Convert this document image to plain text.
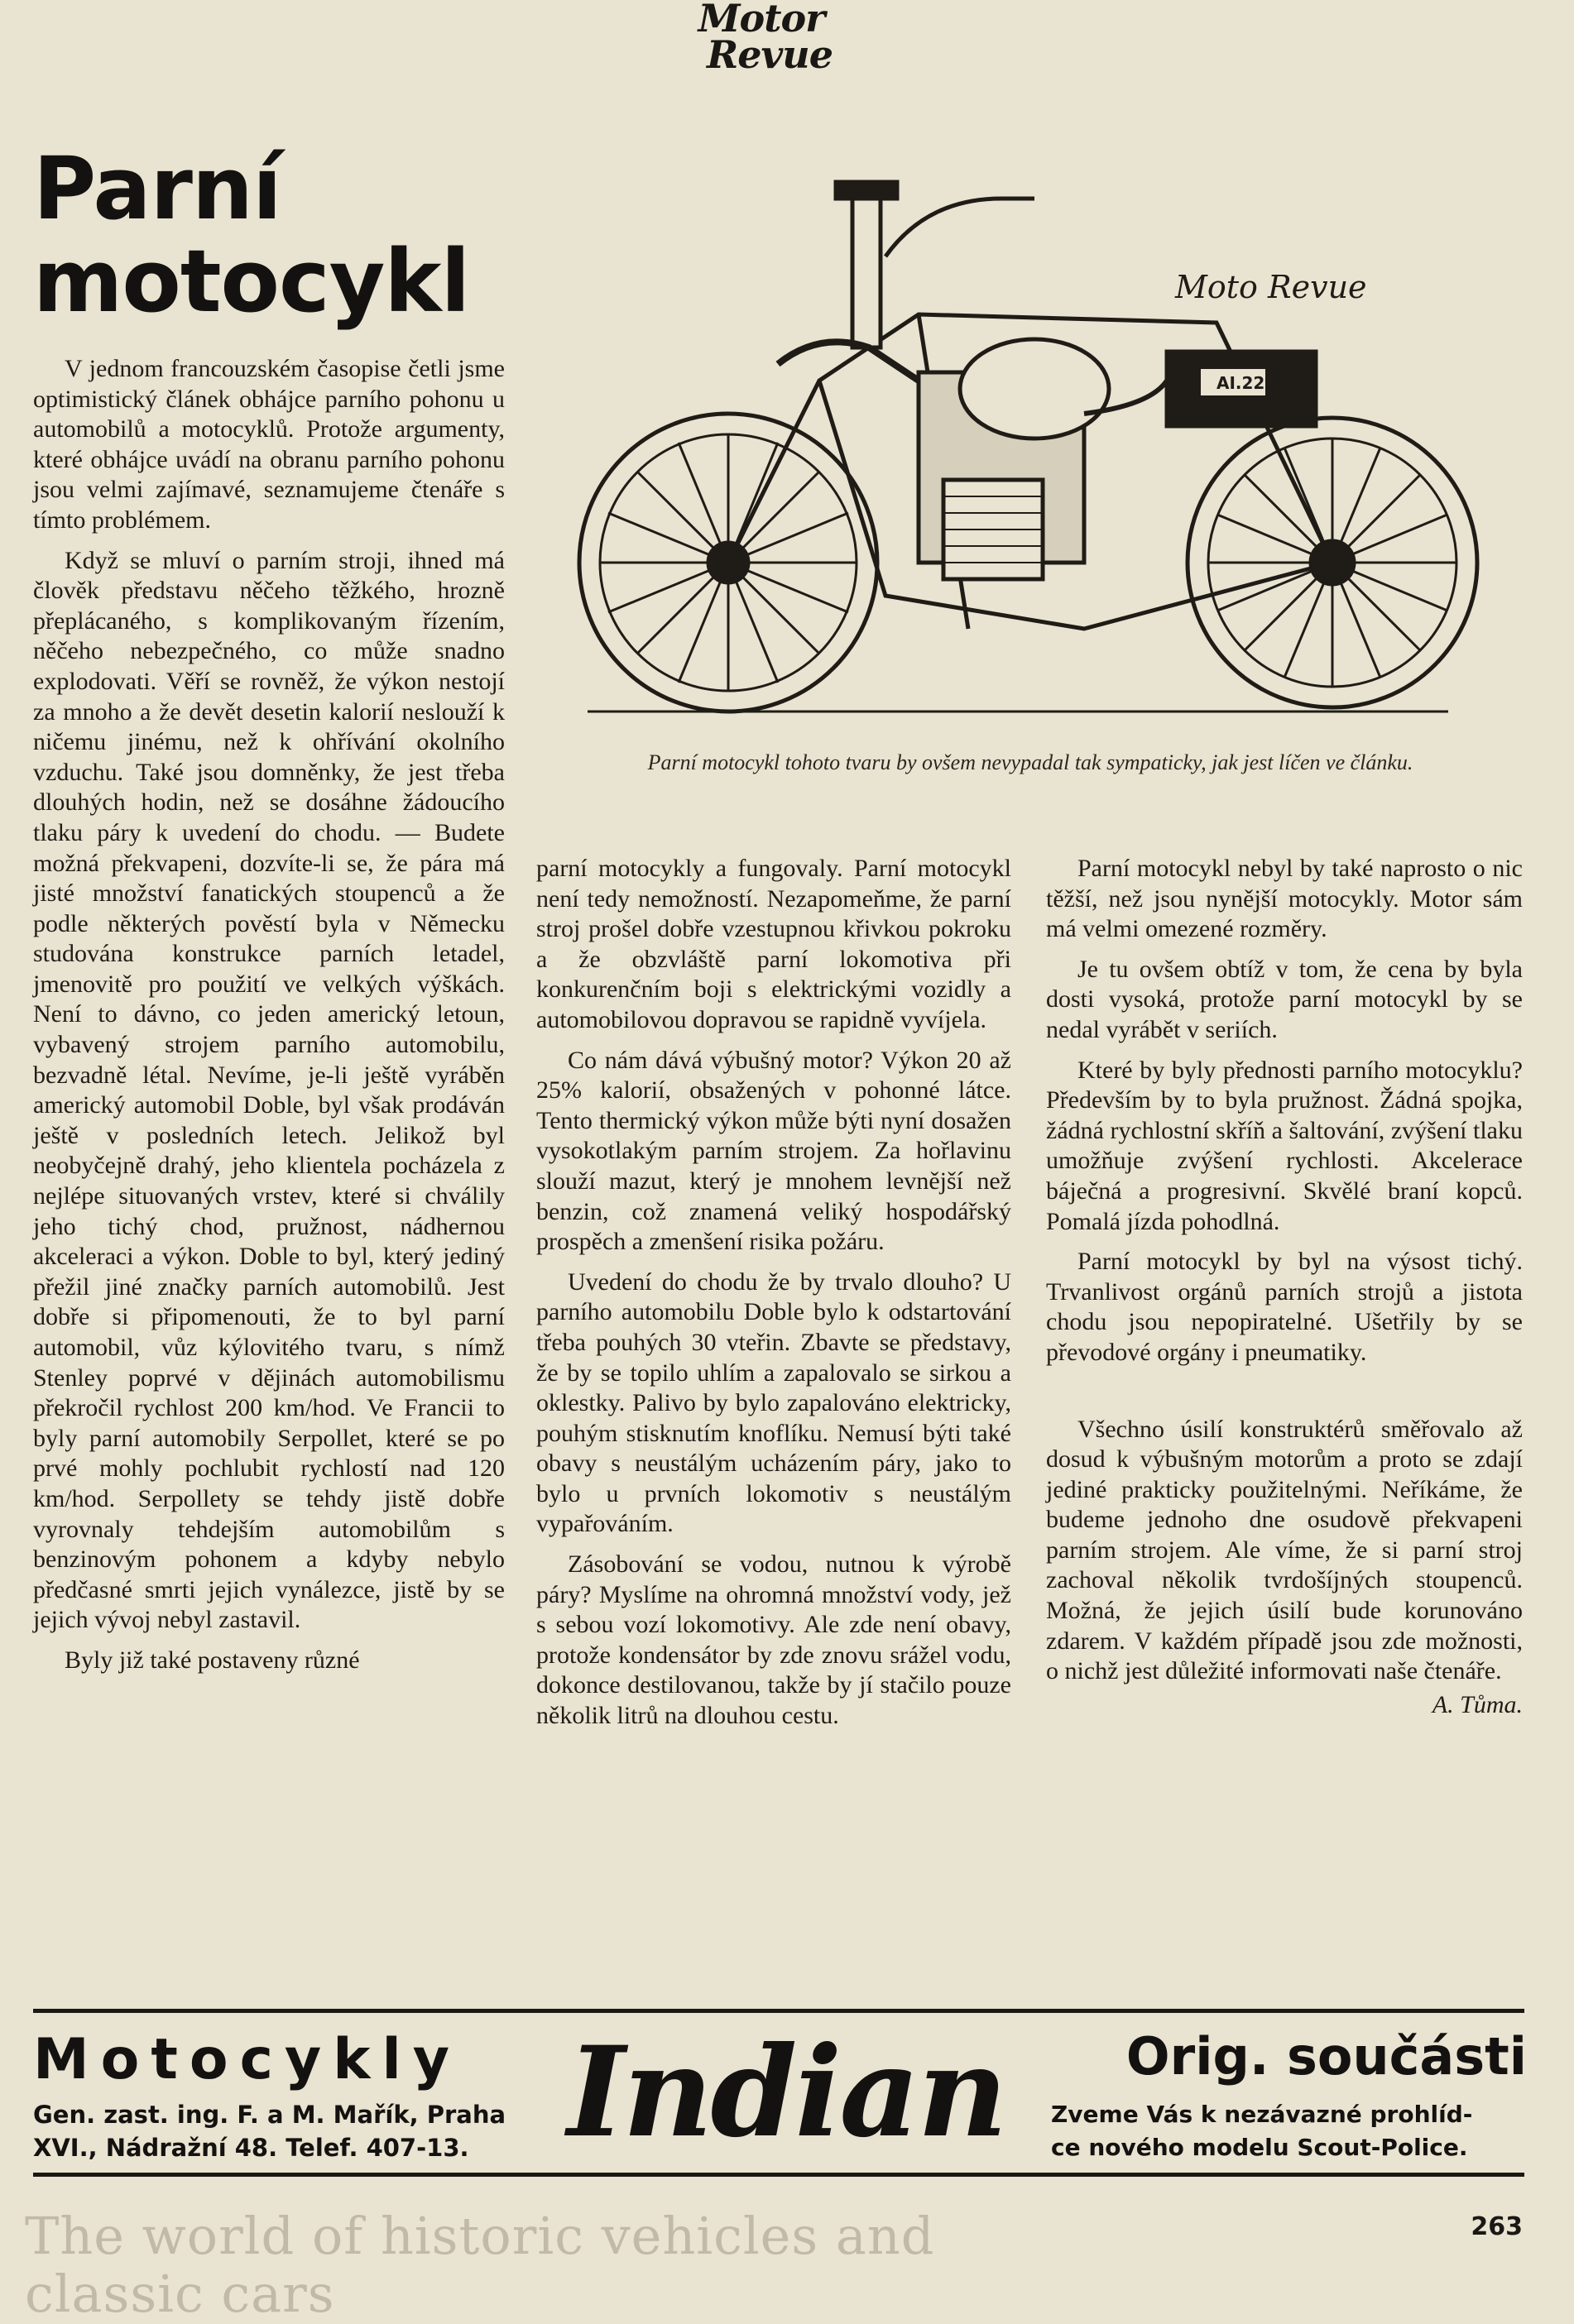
Motor
Revue
Parní
motocykl
AI.22
Moto Revue
Parní motocykl tohoto tvaru by ovšem nevypadal tak sympaticky, jak jest líčen ve článku.

V jednom francouzském časopise četli jsme optimistický článek obhájce parního pohonu u automobilů a motocyklů. Protože argumenty, které obhájce uvádí na obranu parního pohonu jsou velmi zajímavé, seznamujeme čtenáře s tímto problémem.

Když se mluví o parním stroji, ihned má člověk představu něčeho těžkého, hrozně přeplácaného, s komplikovaným řízením, něčeho nebezpečného, co může snadno explodovati. Věří se rovněž, že výkon nestojí za mnoho a že devět desetin kalorií neslouží k ničemu jinému, než k ohřívání okolního vzduchu. Také jsou domněnky, že jest třeba dlouhých hodin, než se dosáhne žádoucího tlaku páry k uvedení do chodu. — Budete možná překvapeni, dozvíte-li se, že pára má jisté množství fanatických stoupenců a že podle některých pověstí byla v Německu studována konstrukce parních letadel, jmenovitě pro použití ve velkých výškách. Není to dávno, co jeden americký letoun, vybavený strojem parního automobilu, bezvadně létal. Nevíme, je-li ještě vyráběn americký automobil Doble, byl však prodáván ještě v posledních letech. Jelikož byl neobyčejně drahý, jeho klientela pocházela z nejlépe situovaných vrstev, které si chválily jeho tichý chod, pružnost, nádhernou akceleraci a výkon. Doble to byl, který jediný přežil jiné značky parních automobilů. Jest dobře si připomenouti, že to byl parní automobil, vůz kýlovitého tvaru, s nímž Stenley poprvé v dějinách automobilismu překročil rychlost 200 km/hod. Ve Francii to byly parní automobily Serpollet, které se po prvé mohly pochlubit rychlostí nad 120 km/hod. Serpollety se tehdy jistě dobře vyrovnaly tehdejším automobilům s benzinovým pohonem a kdyby nebylo předčasné smrti jejich vynálezce, jistě by se jejich vývoj nebyl zastavil.

Byly již také postaveny různé

parní motocykly a fungovaly. Parní motocykl není tedy nemožností. Nezapomeňme, že parní stroj prošel dobře vzestupnou křivkou pokroku a že obzvláště parní lokomotiva při konkurenčním boji s elektrickými vozidly a automobilovou dopravou se rapidně vyvíjela.

Co nám dává výbušný motor? Výkon 20 až 25% kalorií, obsažených v pohonné látce. Tento thermický výkon může býti nyní dosažen vysokotlakým parním strojem. Za hořlavinu slouží mazut, který je mnohem levnější než benzin, což znamená veliký hospodářský prospěch a zmenšení risika požáru.

Uvedení do chodu že by trvalo dlouho? U parního automobilu Doble bylo k odstartování třeba pouhých 30 vteřin. Zbavte se představy, že by se topilo uhlím a zapalovalo se sirkou a oklestky. Palivo by bylo zapalováno elektricky, pouhým stisknutím knoflíku. Nemusí býti také obavy s neustálým ucházením páry, jako to bylo u prvních lokomotiv s neustálým vypařováním.

Zásobování se vodou, nutnou k výrobě páry? Myslíme na ohromná množství vody, jež s sebou vozí lokomotivy. Ale zde není obavy, protože kondensátor by zde znovu srážel vodu, dokonce destilovanou, takže by jí stačilo pouze několik litrů na dlouhou cestu.

Parní motocykl nebyl by také naprosto o nic těžší, než jsou nynější motocykly. Motor sám má velmi omezené rozměry.

Je tu ovšem obtíž v tom, že cena by byla dosti vysoká, protože parní motocykl by se nedal vyrábět v seriích.

Které by byly přednosti parního motocyklu? Především by to byla pružnost. Žádná spojka, žádná rychlostní skříň a šaltování, zvýšení tlaku umožňuje zvýšení rychlosti. Akcelerace báječná a progresivní. Skvělé braní kopců. Pomalá jízda pohodlná.

Parní motocykl by byl na výsost tichý. Trvanlivost orgánů parních strojů a jistota chodu jsou nepopiratelné. Ušetřily by se převodové orgány i pneumatiky.

Všechno úsilí konstruktérů směřovalo až dosud k výbušným motorům a proto se zdají jediné prakticky použitelnými. Neříkáme, že budeme jednoho dne osudově překvapeni parním strojem. Ale víme, že si parní stroj zachoval několik tvrdošíjných stoupenců. Možná, že jejich úsilí bude korunováno zdarem. V každém případě jsou zde možnosti, o nichž jest důležité informovati naše čtenáře.

A. Tůma.
Motocykly
Gen. zast. ing. F. a M. Mařík, Praha
XVI., Nádražní 48. Telef. 407-13. Indian	Orig. součásti
Zveme Vás k nezávazné prohlíd-
ce nového modelu Scout-Police.
The world of historic vehicles and classic cars
263
